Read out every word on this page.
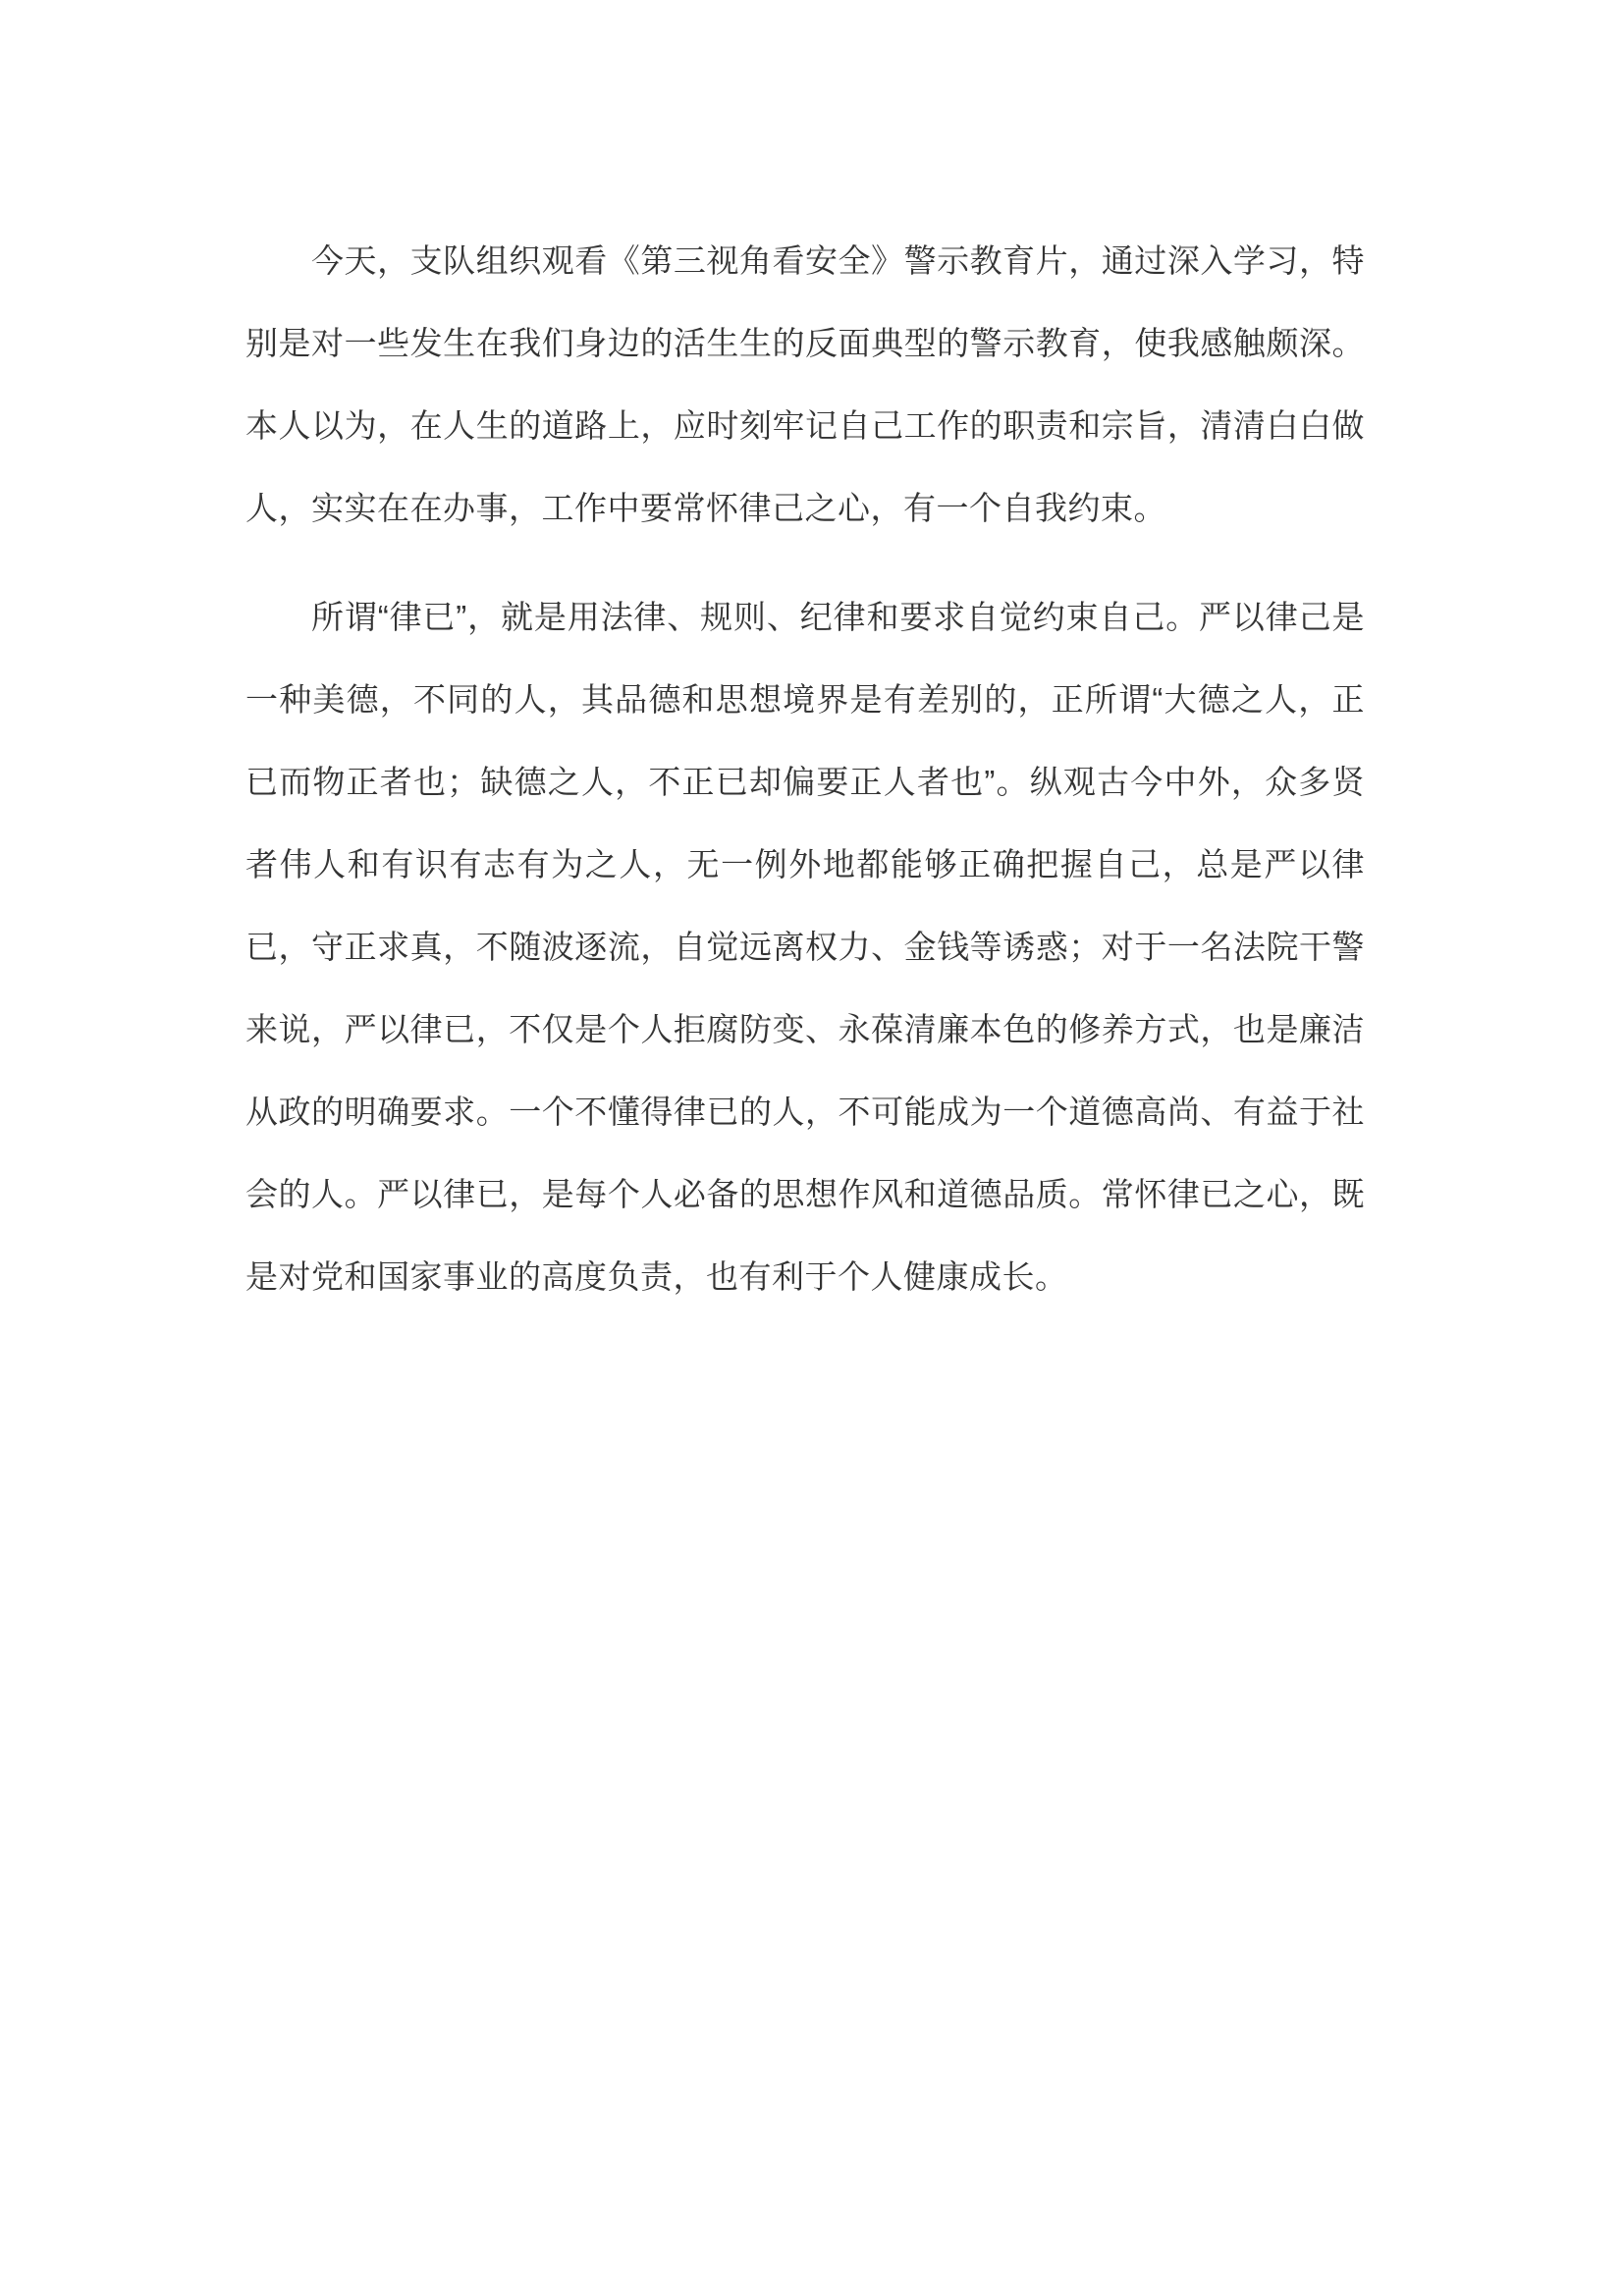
今天，支队组织观看《第三视角看安全》警示教育片，通过深入学习，特别是对一些发生在我们身边的活生生的反面典型的警示教育，使我感触颇深。本人以为，在人生的道路上，应时刻牢记自己工作的职责和宗旨，清清白白做人，实实在在办事，工作中要常怀律己之心，有一个自我约束。

所谓“律已”，就是用法律、规则、纪律和要求自觉约束自己。严以律己是一种美德，不同的人，其品德和思想境界是有差别的，正所谓“大德之人，正已而物正者也；缺德之人，不正已却偏要正人者也”。纵观古今中外，众多贤者伟人和有识有志有为之人，无一例外地都能够正确把握自己，总是严以律已，守正求真，不随波逐流，自觉远离权力、金钱等诱惑；对于一名法院干警来说，严以律已，不仅是个人拒腐防变、永葆清廉本色的修养方式，也是廉洁从政的明确要求。一个不懂得律已的人，不可能成为一个道德高尚、有益于社会的人。严以律已，是每个人必备的思想作风和道德品质。常怀律已之心，既是对党和国家事业的高度负责，也有利于个人健康成长。
